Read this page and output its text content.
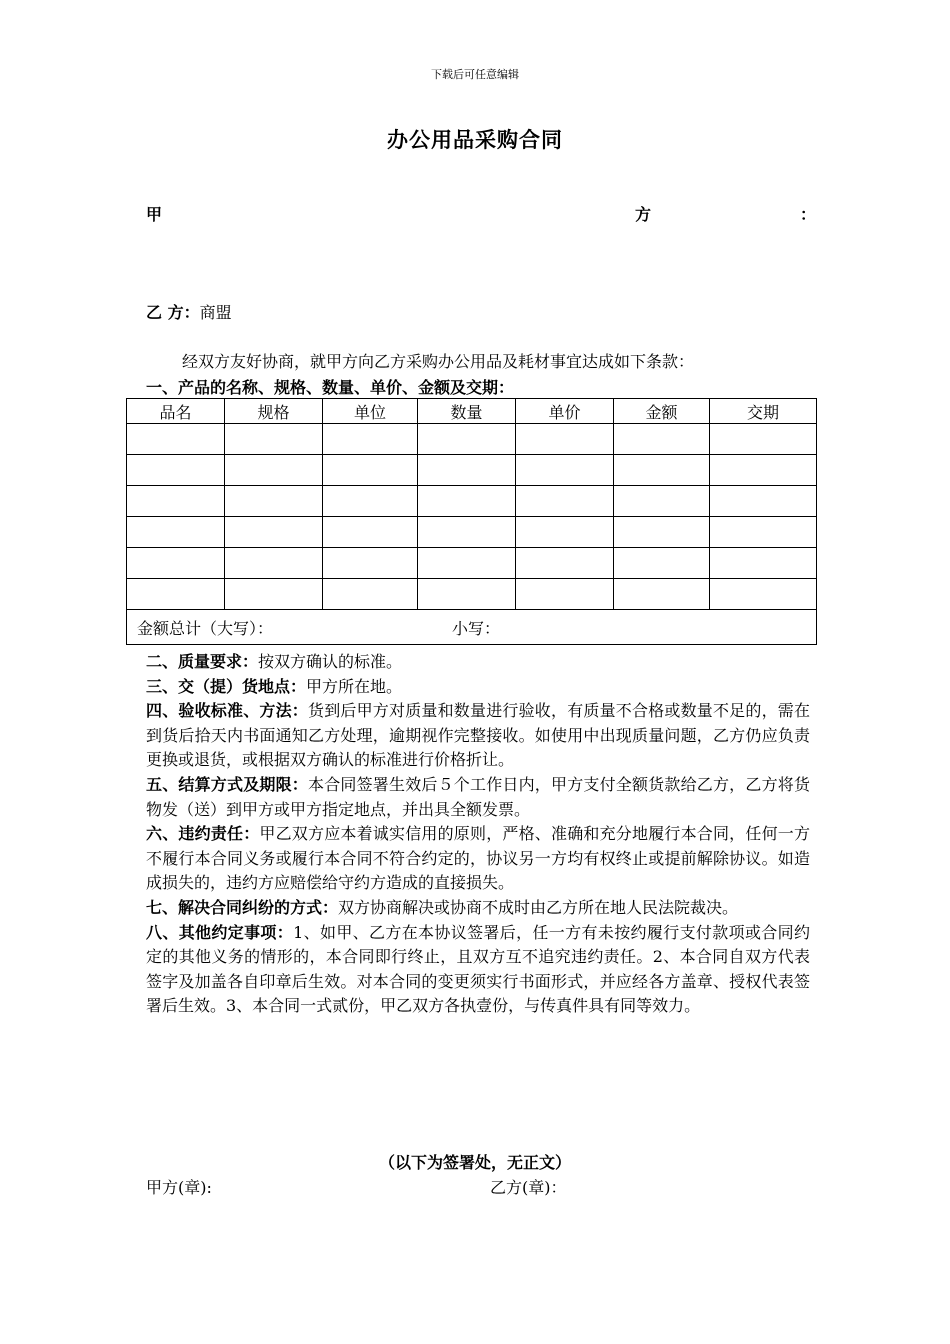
下载后可任意编辑
办公用品采购合同
甲	方	：
乙 方：商盟
经双方友好协商，就甲方向乙方采购办公用品及耗材事宜达成如下条款：
一、产品的名称、规格、数量、单价、金额及交期：
品名	规格	单位	数量	单价	金额	交期

金额总计（大写）： 小写：						

二、质量要求：按双方确认的标准。

三、交（提）货地点：甲方所在地。

四、验收标准、方法：货到后甲方对质量和数量进行验收，有质量不合格或数量不足的，需在到货后拾天内书面通知乙方处理，逾期视作完整接收。如使用中出现质量问题，乙方仍应负责更换或退货，或根据双方确认的标准进行价格折让。

五、结算方式及期限：本合同签署生效后５个工作日内，甲方支付全额货款给乙方，乙方将货物发（送）到甲方或甲方指定地点，并出具全额发票。

六、违约责任：甲乙双方应本着诚实信用的原则，严格、准确和充分地履行本合同，任何一方不履行本合同义务或履行本合同不符合约定的，协议另一方均有权终止或提前解除协议。如造成损失的，违约方应赔偿给守约方造成的直接损失。

七、解决合同纠纷的方式：双方协商解决或协商不成时由乙方所在地人民法院裁决。

八、其他约定事项：1、如甲、乙方在本协议签署后，任一方有未按约履行支付款项或合同约定的其他义务的情形的，本合同即行终止，且双方互不追究违约责任。2、本合同自双方代表签字及加盖各自印章后生效。对本合同的变更须实行书面形式，并应经各方盖章、授权代表签署后生效。3、本合同一式贰份，甲乙双方各执壹份，与传真件具有同等效力。

（以下为签署处，无正文）
甲方(章):	乙方(章)：
